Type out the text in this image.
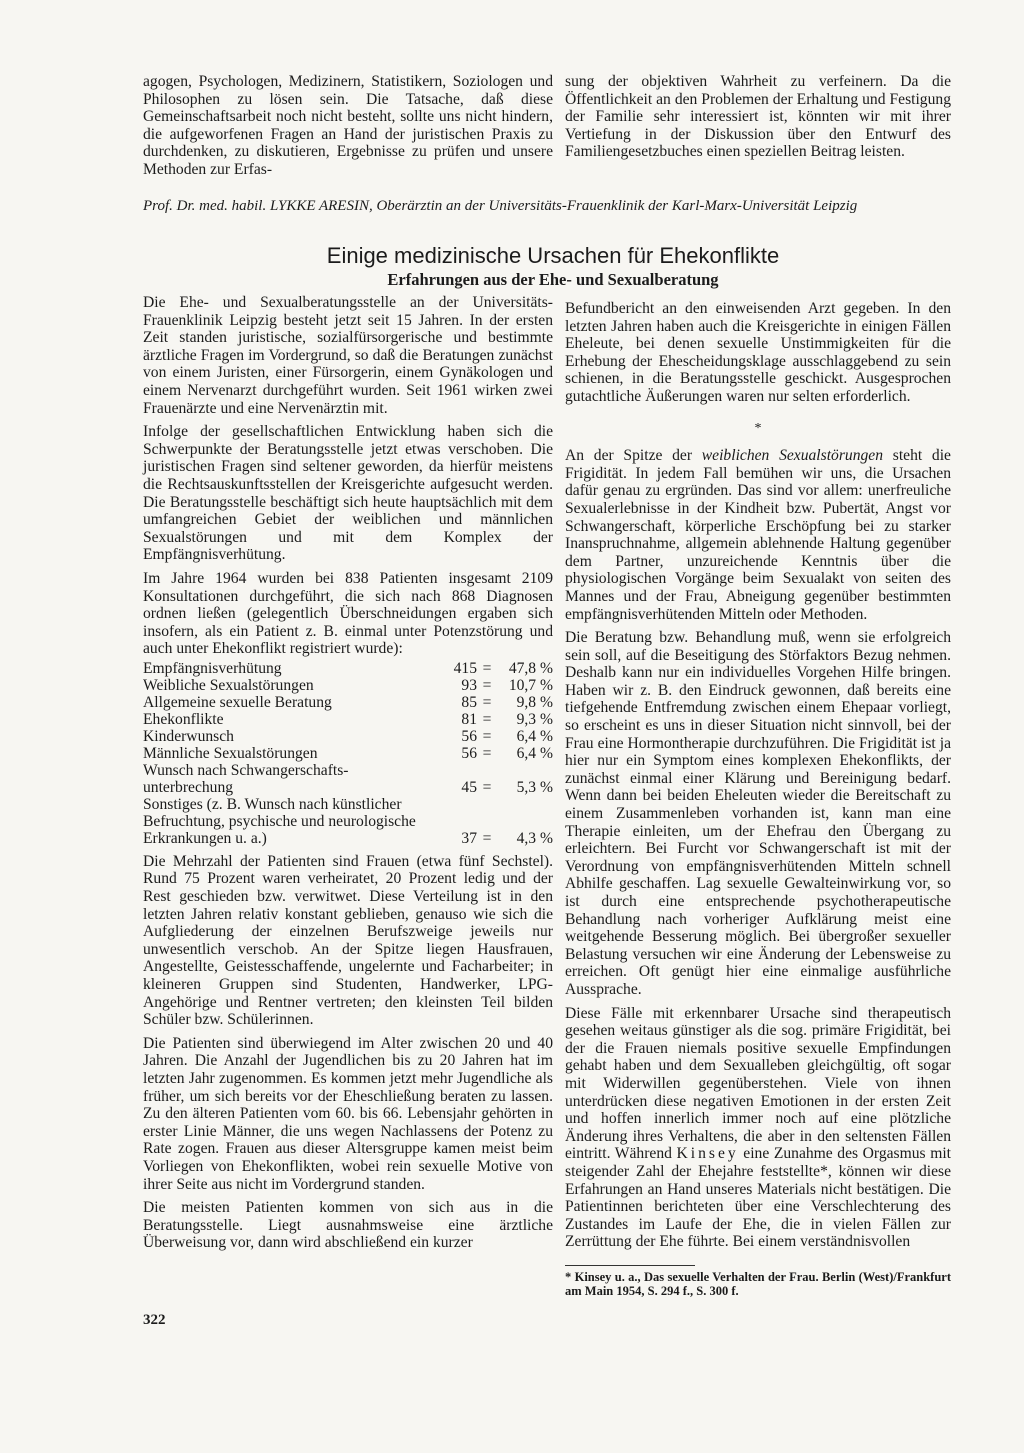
agogen, Psychologen, Medizinern, Statistikern, Soziologen und Philosophen zu lösen sein. Die Tatsache, daß diese Gemeinschaftsarbeit noch nicht besteht, sollte uns nicht hindern, die aufgeworfenen Fragen an Hand der juristischen Praxis zu durchdenken, zu diskutieren, Ergebnisse zu prüfen und unsere Methoden zur Erfas-

sung der objektiven Wahrheit zu verfeinern. Da die Öffentlichkeit an den Problemen der Erhaltung und Festigung der Familie sehr interessiert ist, könnten wir mit ihrer Vertiefung in der Diskussion über den Entwurf des Familiengesetzbuches einen speziellen Beitrag leisten.

Prof. Dr. med. habil. LYKKE ARESIN, Oberärztin an der Universitäts-Frauenklinik der Karl-Marx-Universität Leipzig
Einige medizinische Ursachen für Ehekonflikte
Erfahrungen aus der Ehe- und Sexualberatung

Die Ehe- und Sexualberatungsstelle an der Universitäts-Frauenklinik Leipzig besteht jetzt seit 15 Jahren. In der ersten Zeit standen juristische, sozialfürsorgerische und bestimmte ärztliche Fragen im Vordergrund, so daß die Beratungen zunächst von einem Juristen, einer Fürsorgerin, einem Gynäkologen und einem Nervenarzt durchgeführt wurden. Seit 1961 wirken zwei Frauenärzte und eine Nervenärztin mit.

Infolge der gesellschaftlichen Entwicklung haben sich die Schwerpunkte der Beratungsstelle jetzt etwas verschoben. Die juristischen Fragen sind seltener geworden, da hierfür meistens die Rechtsauskunftsstellen der Kreisgerichte aufgesucht werden. Die Beratungsstelle beschäftigt sich heute hauptsächlich mit dem umfangreichen Gebiet der weiblichen und männlichen Sexualstörungen und mit dem Komplex der Empfängnisverhütung.

Im Jahre 1964 wurden bei 838 Patienten insgesamt 2109 Konsultationen durchgeführt, die sich nach 868 Diagnosen ordnen ließen (gelegentlich Überschneidungen ergaben sich insofern, als ein Patient z. B. einmal unter Potenzstörung und auch unter Ehekonflikt registriert wurde):

Empfängnisverhütung	415	=	47,8 %
Weibliche Sexualstörungen	93	=	10,7 %
Allgemeine sexuelle Beratung	85	=	9,8 %
Ehekonflikte	81	=	9,3 %
Kinderwunsch	56	=	6,4 %
Männliche Sexualstörungen	56	=	6,4 %
Wunsch nach Schwangerschafts-unterbrechung	45	=	5,3 %
Sonstiges (z. B. Wunsch nach künstlicher Befruchtung, psychische und neurologische Erkrankungen u. a.)	37	=	4,3 %

Die Mehrzahl der Patienten sind Frauen (etwa fünf Sechstel). Rund 75 Prozent waren verheiratet, 20 Prozent ledig und der Rest geschieden bzw. verwitwet. Diese Verteilung ist in den letzten Jahren relativ konstant geblieben, genauso wie sich die Aufgliederung der einzelnen Berufszweige jeweils nur unwesentlich verschob. An der Spitze liegen Hausfrauen, Angestellte, Geistesschaffende, ungelernte und Facharbeiter; in kleineren Gruppen sind Studenten, Handwerker, LPG-Angehörige und Rentner vertreten; den kleinsten Teil bilden Schüler bzw. Schülerinnen.

Die Patienten sind überwiegend im Alter zwischen 20 und 40 Jahren. Die Anzahl der Jugendlichen bis zu 20 Jahren hat im letzten Jahr zugenommen. Es kommen jetzt mehr Jugendliche als früher, um sich bereits vor der Eheschließung beraten zu lassen. Zu den älteren Patienten vom 60. bis 66. Lebensjahr gehörten in erster Linie Männer, die uns wegen Nachlassens der Potenz zu Rate zogen. Frauen aus dieser Altersgruppe kamen meist beim Vorliegen von Ehekonflikten, wobei rein sexuelle Motive von ihrer Seite aus nicht im Vordergrund standen.

Die meisten Patienten kommen von sich aus in die Beratungsstelle. Liegt ausnahmsweise eine ärztliche Überweisung vor, dann wird abschließend ein kurzer

Befundbericht an den einweisenden Arzt gegeben. In den letzten Jahren haben auch die Kreisgerichte in einigen Fällen Eheleute, bei denen sexuelle Unstimmigkeiten für die Erhebung der Ehescheidungsklage ausschlaggebend zu sein schienen, in die Beratungsstelle geschickt. Ausgesprochen gutachtliche Äußerungen waren nur selten erforderlich.

*

An der Spitze der weiblichen Sexualstörungen steht die Frigidität. In jedem Fall bemühen wir uns, die Ursachen dafür genau zu ergründen. Das sind vor allem: unerfreuliche Sexualerlebnisse in der Kindheit bzw. Pubertät, Angst vor Schwangerschaft, körperliche Erschöpfung bei zu starker Inanspruchnahme, allgemein ablehnende Haltung gegenüber dem Partner, unzureichende Kenntnis über die physiologischen Vorgänge beim Sexualakt von seiten des Mannes und der Frau, Abneigung gegenüber bestimmten empfängnisverhütenden Mitteln oder Methoden.

Die Beratung bzw. Behandlung muß, wenn sie erfolgreich sein soll, auf die Beseitigung des Störfaktors Bezug nehmen. Deshalb kann nur ein individuelles Vorgehen Hilfe bringen. Haben wir z. B. den Eindruck gewonnen, daß bereits eine tiefgehende Entfremdung zwischen einem Ehepaar vorliegt, so erscheint es uns in dieser Situation nicht sinnvoll, bei der Frau eine Hormontherapie durchzuführen. Die Frigidität ist ja hier nur ein Symptom eines komplexen Ehekonflikts, der zunächst einmal einer Klärung und Bereinigung bedarf. Wenn dann bei beiden Eheleuten wieder die Bereitschaft zu einem Zusammenleben vorhanden ist, kann man eine Therapie einleiten, um der Ehefrau den Übergang zu erleichtern. Bei Furcht vor Schwangerschaft ist mit der Verordnung von empfängnisverhütenden Mitteln schnell Abhilfe geschaffen. Lag sexuelle Gewalteinwirkung vor, so ist durch eine entsprechende psychotherapeutische Behandlung nach vorheriger Aufklärung meist eine weitgehende Besserung möglich. Bei übergroßer sexueller Belastung versuchen wir eine Änderung der Lebensweise zu erreichen. Oft genügt hier eine einmalige ausführliche Aussprache.

Diese Fälle mit erkennbarer Ursache sind therapeutisch gesehen weitaus günstiger als die sog. primäre Frigidität, bei der die Frauen niemals positive sexuelle Empfindungen gehabt haben und dem Sexualleben gleichgültig, oft sogar mit Widerwillen gegenüberstehen. Viele von ihnen unterdrücken diese negativen Emotionen in der ersten Zeit und hoffen innerlich immer noch auf eine plötzliche Änderung ihres Verhaltens, die aber in den seltensten Fällen eintritt. Während Kinsey eine Zunahme des Orgasmus mit steigender Zahl der Ehejahre feststellte*, können wir diese Erfahrungen an Hand unseres Materials nicht bestätigen. Die Patientinnen berichteten über eine Verschlechterung des Zustandes im Laufe der Ehe, die in vielen Fällen zur Zerrüttung der Ehe führte. Bei einem verständnisvollen

* Kinsey u. a., Das sexuelle Verhalten der Frau. Berlin (West)/Frankfurt am Main 1954, S. 294 f., S. 300 f.
322
